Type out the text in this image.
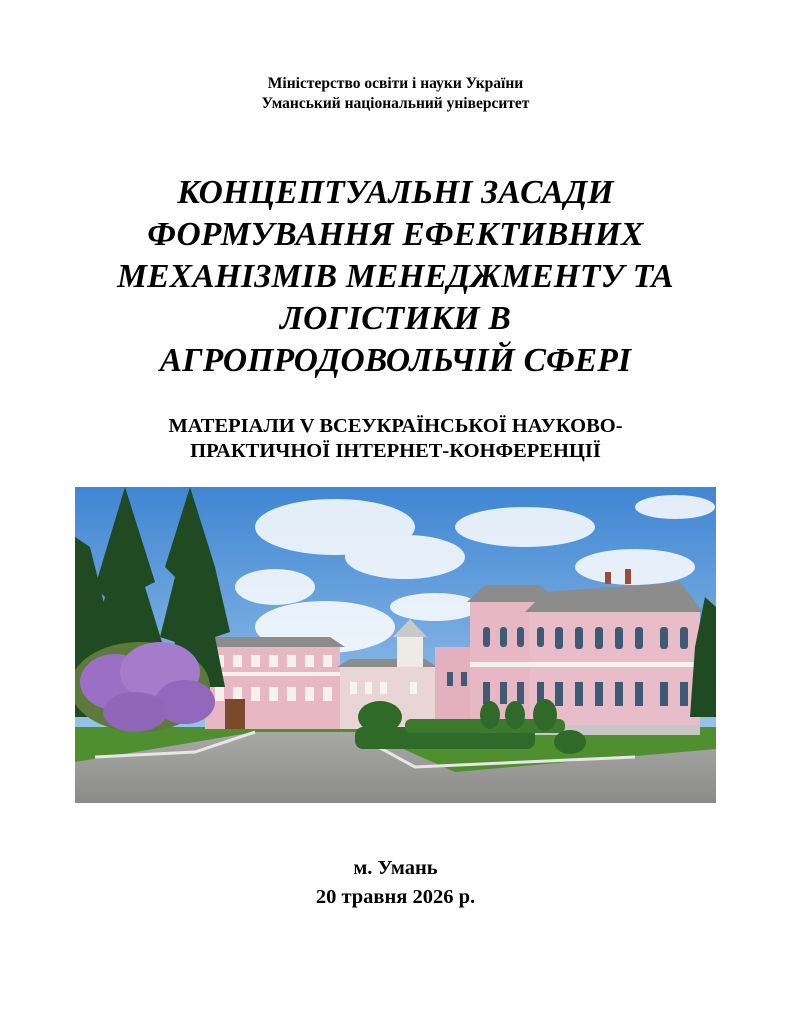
Міністерство освіти і науки України
Уманський національний університет
КОНЦЕПТУАЛЬНІ ЗАСАДИ
ФОРМУВАННЯ ЕФЕКТИВНИХ
МЕХАНІЗМІВ МЕНЕДЖМЕНТУ ТА
ЛОГІСТИКИ В
АГРОПРОДОВОЛЬЧІЙ СФЕРІ
МАТЕРІАЛИ V ВСЕУКРАЇНСЬКОЇ НАУКОВО-
ПРАКТИЧНОЇ ІНТЕРНЕТ-КОНФЕРЕНЦІЇ
м. Умань
20 травня 2026 р.
